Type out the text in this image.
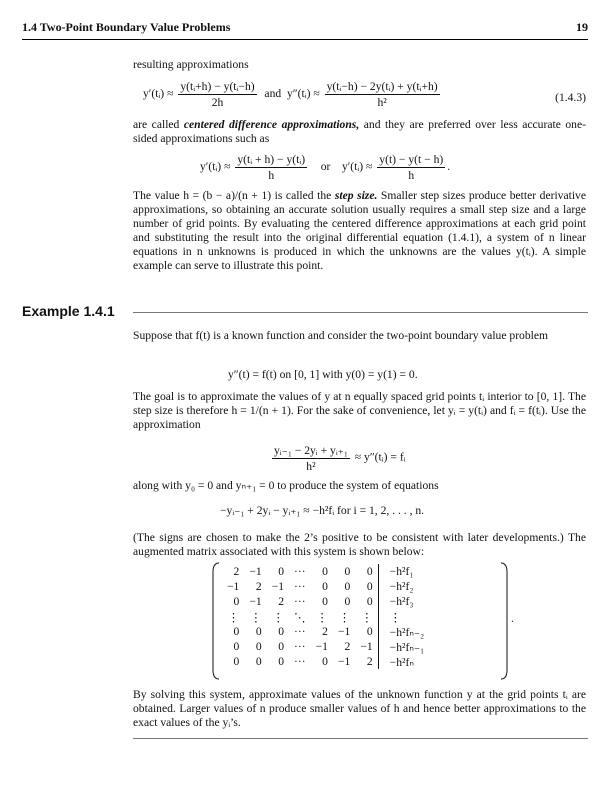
1.4 Two-Point Boundary Value Problems	19
resulting approximations
y′(tᵢ) ≈ $\frac{\text{y(tᵢ+h) − y(tᵢ−h)}}{2h}$ and y″(tᵢ) ≈ $\frac{\text{y(tᵢ−h) − 2y(tᵢ) + y(tᵢ+h)}}{\text{h²}}$	(1.4.3)
are called centered difference approximations, and they are preferred over less accurate one-sided approximations such as
y′(tᵢ) ≈ $\frac{\text{y(tᵢ + h) − y(tᵢ)}}{h}$ or y′(tᵢ) ≈ $\frac{y(t) - y(t - h)}{h}$ .
The value h = (b − a)/(n + 1) is called the step size. Smaller step sizes produce better derivative approximations, so obtaining an accurate solution usually requires a small step size and a large number of grid points. By evaluating the centered difference approximations at each grid point and substituting the result into the original differential equation (1.4.1), a system of n linear equations in n unknowns is produced in which the unknowns are the values y(tᵢ). A simple example can serve to illustrate this point.
Example 1.4.1
Suppose that f(t) is a known function and consider the two-point boundary value problem
y″(t) = f(t) on [0, 1] with y(0) = y(1) = 0.
The goal is to approximate the values of y at n equally spaced grid points tᵢ interior to [0, 1]. The step size is therefore h = 1/(n + 1). For the sake of convenience, let yᵢ = y(tᵢ) and fᵢ = f(tᵢ). Use the approximation
$\frac{\text{yᵢ₋₁ − 2yᵢ + yᵢ₊₁}}{\text{h²}}$ ≈ y″(tᵢ) = fᵢ
along with y₀ = 0 and yₙ₊₁ = 0 to produce the system of equations
−yᵢ₋₁ + 2yᵢ − yᵢ₊₁ ≈ −h²fᵢ for i = 1, 2, . . . , n.
(The signs are chosen to make the 2’s positive to be consistent with later developments.) The augmented matrix associated with this system is shown below:
2	−1	0	···	0	0	0		−h²f₁
−1	2	−1	···	0	0	0		−h²f₂
0	−1	2	···	0	0	0		−h²f₃
⋮	⋮	⋮	⋱	⋮	⋮	⋮		⋮
0	0	0	···	2	−1	0		−h²fₙ₋₂
0	0	0	···	−1	2	−1		−h²fₙ₋₁
0	0	0	···	0	−1	2		−h²fₙ
.
By solving this system, approximate values of the unknown function y at the grid points tᵢ are obtained. Larger values of n produce smaller values of h and hence better approximations to the exact values of the yᵢ’s.
